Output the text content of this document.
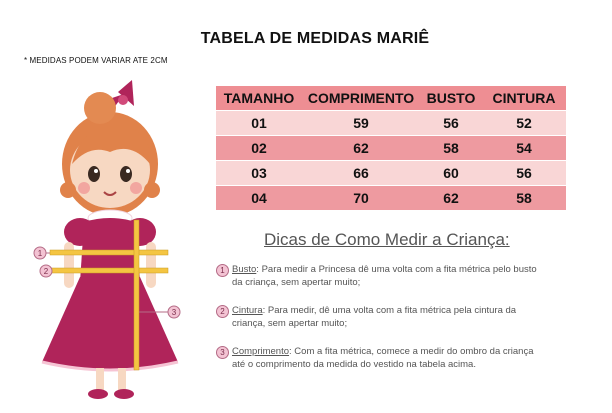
TABELA DE MEDIDAS MARIÊ
* MEDIDAS PODEM VARIAR ATE 2CM
1
2
3
TAMANHO COMPRIMENTO BUSTO	CINTURA
01	59	56	52
02	62	58	54
03	66	60	56
04	70	62	58
Dicas de Como Medir a Criança:
1 Busto: Para medir a Princesa dê uma volta com a fita métrica pelo busto
da criança, sem apertar muito;
2 Cintura: Para medir, dê uma volta com a fita métrica pela cintura da
criança, sem apertar muito;
3 Comprimento: Com a fita métrica, comece a medir do ombro da criança
até o comprimento da medida do vestido na tabela acima.
